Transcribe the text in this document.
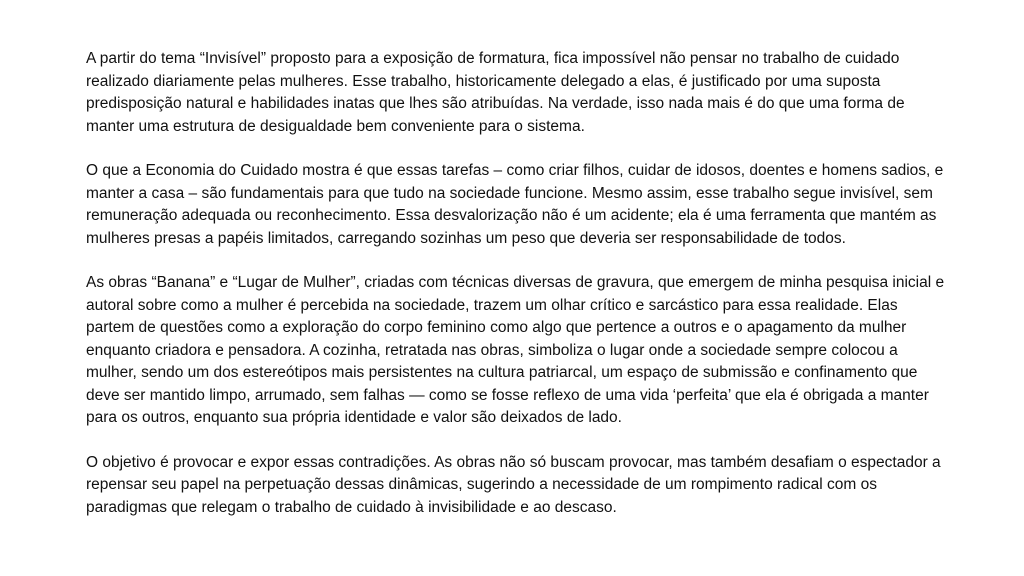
A partir do tema “Invisível” proposto para a exposição de formatura, fica impossível não pensar no trabalho de cuidado realizado diariamente pelas mulheres. Esse trabalho, historicamente delegado a elas, é justificado por uma suposta predisposição natural e habilidades inatas que lhes são atribuídas. Na verdade, isso nada mais é do que uma forma de manter uma estrutura de desigualdade bem conveniente para o sistema.

O que a Economia do Cuidado mostra é que essas tarefas – como criar filhos, cuidar de idosos, doentes e homens sadios, e manter a casa – são fundamentais para que tudo na sociedade funcione. Mesmo assim, esse trabalho segue invisível, sem remuneração adequada ou reconhecimento. Essa desvalorização não é um acidente; ela é uma ferramenta que mantém as mulheres presas a papéis limitados, carregando sozinhas um peso que deveria ser responsabilidade de todos.

As obras “Banana” e “Lugar de Mulher”, criadas com técnicas diversas de gravura, que emergem de minha pesquisa inicial e autoral sobre como a mulher é percebida na sociedade, trazem um olhar crítico e sarcástico para essa realidade. Elas partem de questões como a exploração do corpo feminino como algo que pertence a outros e o apagamento da mulher enquanto criadora e pensadora. A cozinha, retratada nas obras, simboliza o lugar onde a sociedade sempre colocou a mulher, sendo um dos estereótipos mais persistentes na cultura patriarcal, um espaço de submissão e confinamento que deve ser mantido limpo, arrumado, sem falhas — como se fosse reflexo de uma vida ‘perfeita’ que ela é obrigada a manter para os outros, enquanto sua própria identidade e valor são deixados de lado.

O objetivo é provocar e expor essas contradições. As obras não só buscam provocar, mas também desafiam o espectador a repensar seu papel na perpetuação dessas dinâmicas, sugerindo a necessidade de um rompimento radical com os paradigmas que relegam o trabalho de cuidado à invisibilidade e ao descaso.
